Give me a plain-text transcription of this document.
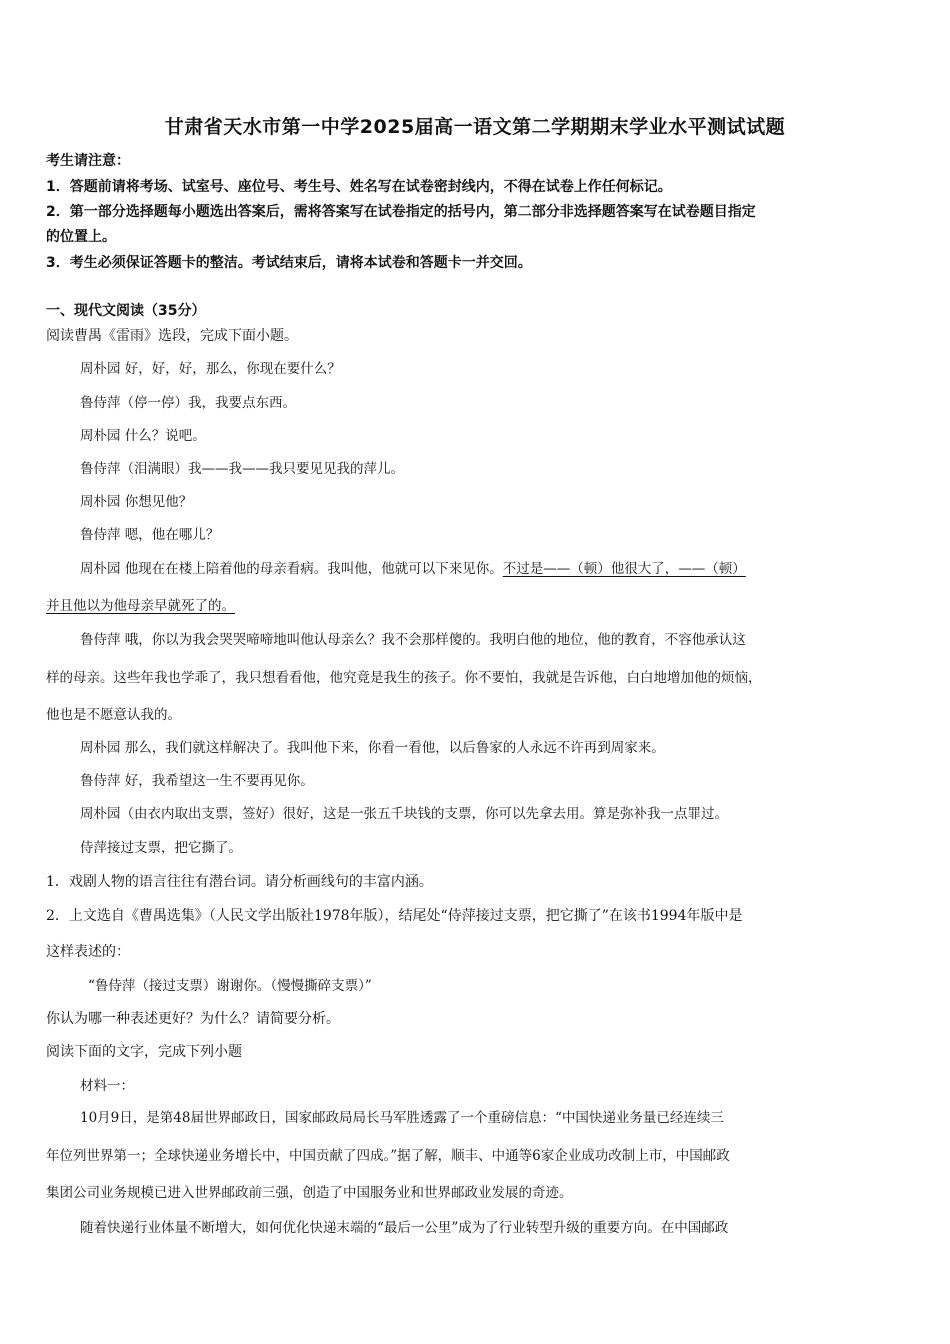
甘肃省天水市第一中学2025届高一语文第二学期期末学业水平测试试题
考生请注意：
1．答题前请将考场、试室号、座位号、考生号、姓名写在试卷密封线内，不得在试卷上作任何标记。
2．第一部分选择题每小题选出答案后，需将答案写在试卷指定的括号内，第二部分非选择题答案写在试卷题目指定
的位置上。
3．考生必须保证答题卡的整洁。考试结束后，请将本试卷和答题卡一并交回。
一、现代文阅读（35分）
阅读曹禺《雷雨》选段，完成下面小题。
周朴园 好，好，好，那么，你现在要什么？
鲁侍萍（停一停）我，我要点东西。
周朴园 什么？说吧。
鲁侍萍（泪满眼）我——我——我只要见见我的萍儿。
周朴园 你想见他？
鲁侍萍 嗯，他在哪儿？
周朴园 他现在在楼上陪着他的母亲看病。我叫他，他就可以下来见你。不过是——（顿）他很大了，——（顿）
并且他以为他母亲早就死了的。
鲁侍萍 哦，你以为我会哭哭啼啼地叫他认母亲么？我不会那样傻的。我明白他的地位，他的教育，不容他承认这
样的母亲。这些年我也学乖了，我只想看看他，他究竟是我生的孩子。你不要怕，我就是告诉他，白白地增加他的烦恼，
他也是不愿意认我的。
周朴园 那么，我们就这样解决了。我叫他下来，你看一看他，以后鲁家的人永远不许再到周家来。
鲁侍萍 好，我希望这一生不要再见你。
周朴园（由衣内取出支票，签好）很好，这是一张五千块钱的支票，你可以先拿去用。算是弥补我一点罪过。
侍萍接过支票，把它撕了。
1．戏剧人物的语言往往有潜台词。请分析画线句的丰富内涵。
2．上文选自《曹禺选集》（人民文学出版社1978年版），结尾处“侍萍接过支票，把它撕了”在该书1994年版中是
这样表述的：
“鲁侍萍（接过支票）谢谢你。（慢慢撕碎支票）”
你认为哪一种表述更好？为什么？请简要分析。
阅读下面的文字，完成下列小题
材料一：
10月9日，是第48届世界邮政日，国家邮政局局长马军胜透露了一个重磅信息：“中国快递业务量已经连续三
年位列世界第一；全球快递业务增长中，中国贡献了四成。”据了解，顺丰、中通等6家企业成功改制上市，中国邮政
集团公司业务规模已进入世界邮政前三强，创造了中国服务业和世界邮政业发展的奇迹。
随着快递行业体量不断增大，如何优化快递末端的“最后一公里”成为了行业转型升级的重要方向。在中国邮政
